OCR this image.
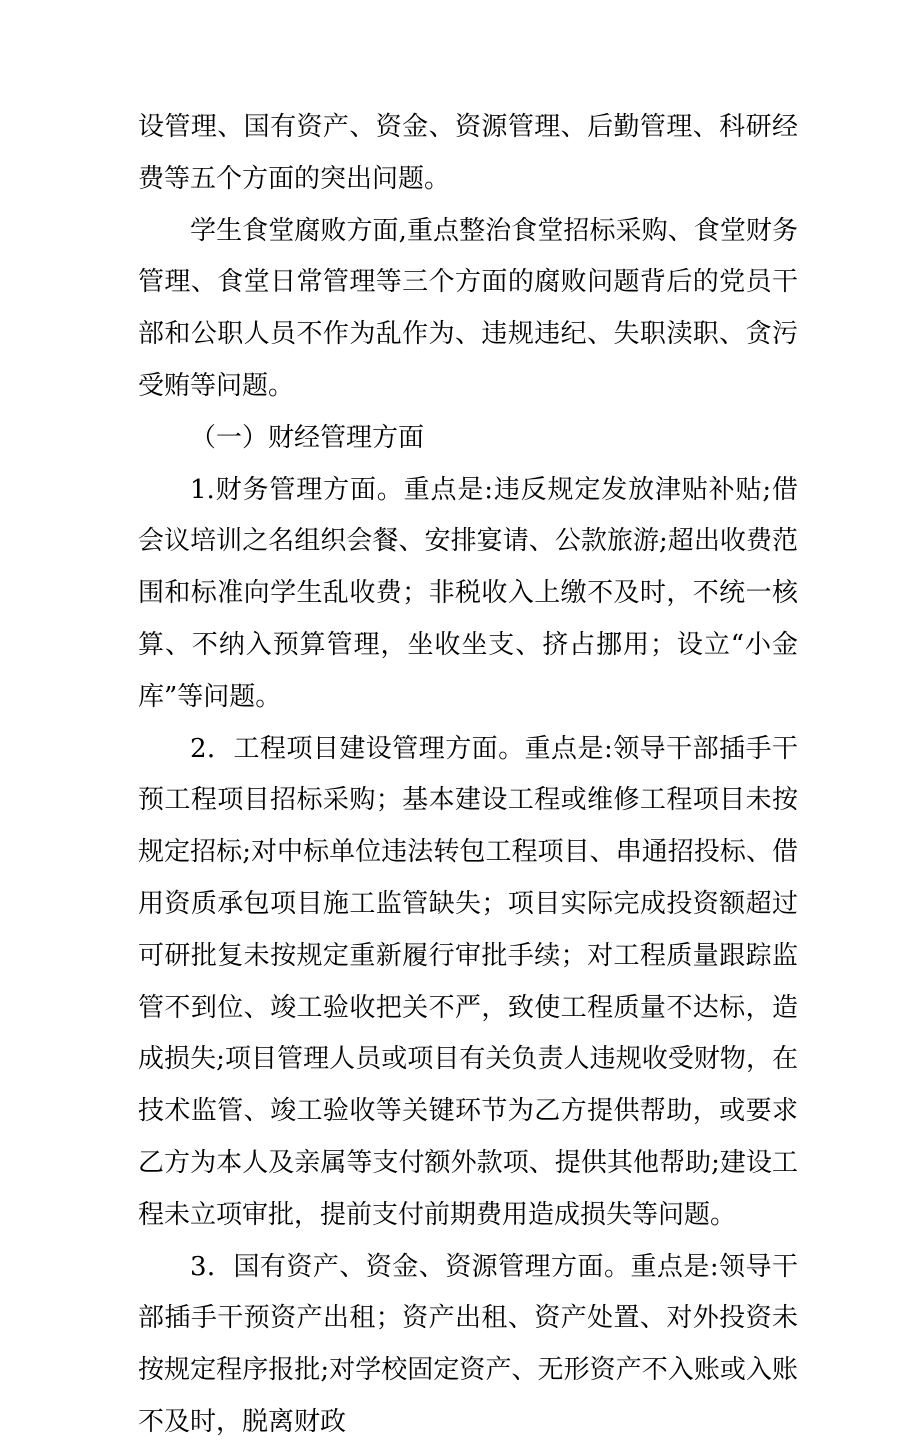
设管理、国有资产、资金、资源管理、后勤管理、科研经费等五个方面的突出问题。

学生食堂腐败方面,重点整治食堂招标采购、食堂财务管理、食堂日常管理等三个方面的腐败问题背后的党员干部和公职人员不作为乱作为、违规违纪、失职渎职、贪污受贿等问题。

（一）财经管理方面

1.财务管理方面。重点是:违反规定发放津贴补贴;借会议培训之名组织会餐、安排宴请、公款旅游;超出收费范围和标准向学生乱收费；非税收入上缴不及时，不统一核算、不纳入预算管理，坐收坐支、挤占挪用；设立“小金库”等问题。

2．工程项目建设管理方面。重点是:领导干部插手干预工程项目招标采购；基本建设工程或维修工程项目未按规定招标;对中标单位违法转包工程项目、串通招投标、借用资质承包项目施工监管缺失；项目实际完成投资额超过可研批复未按规定重新履行审批手续；对工程质量跟踪监管不到位、竣工验收把关不严，致使工程质量不达标，造成损失;项目管理人员或项目有关负责人违规收受财物，在技术监管、竣工验收等关键环节为乙方提供帮助，或要求乙方为本人及亲属等支付额外款项、提供其他帮助;建设工程未立项审批，提前支付前期费用造成损失等问题。

3．国有资产、资金、资源管理方面。重点是:领导干部插手干预资产出租；资产出租、资产处置、对外投资未按规定程序报批;对学校固定资产、无形资产不入账或入账不及时，脱离财政
